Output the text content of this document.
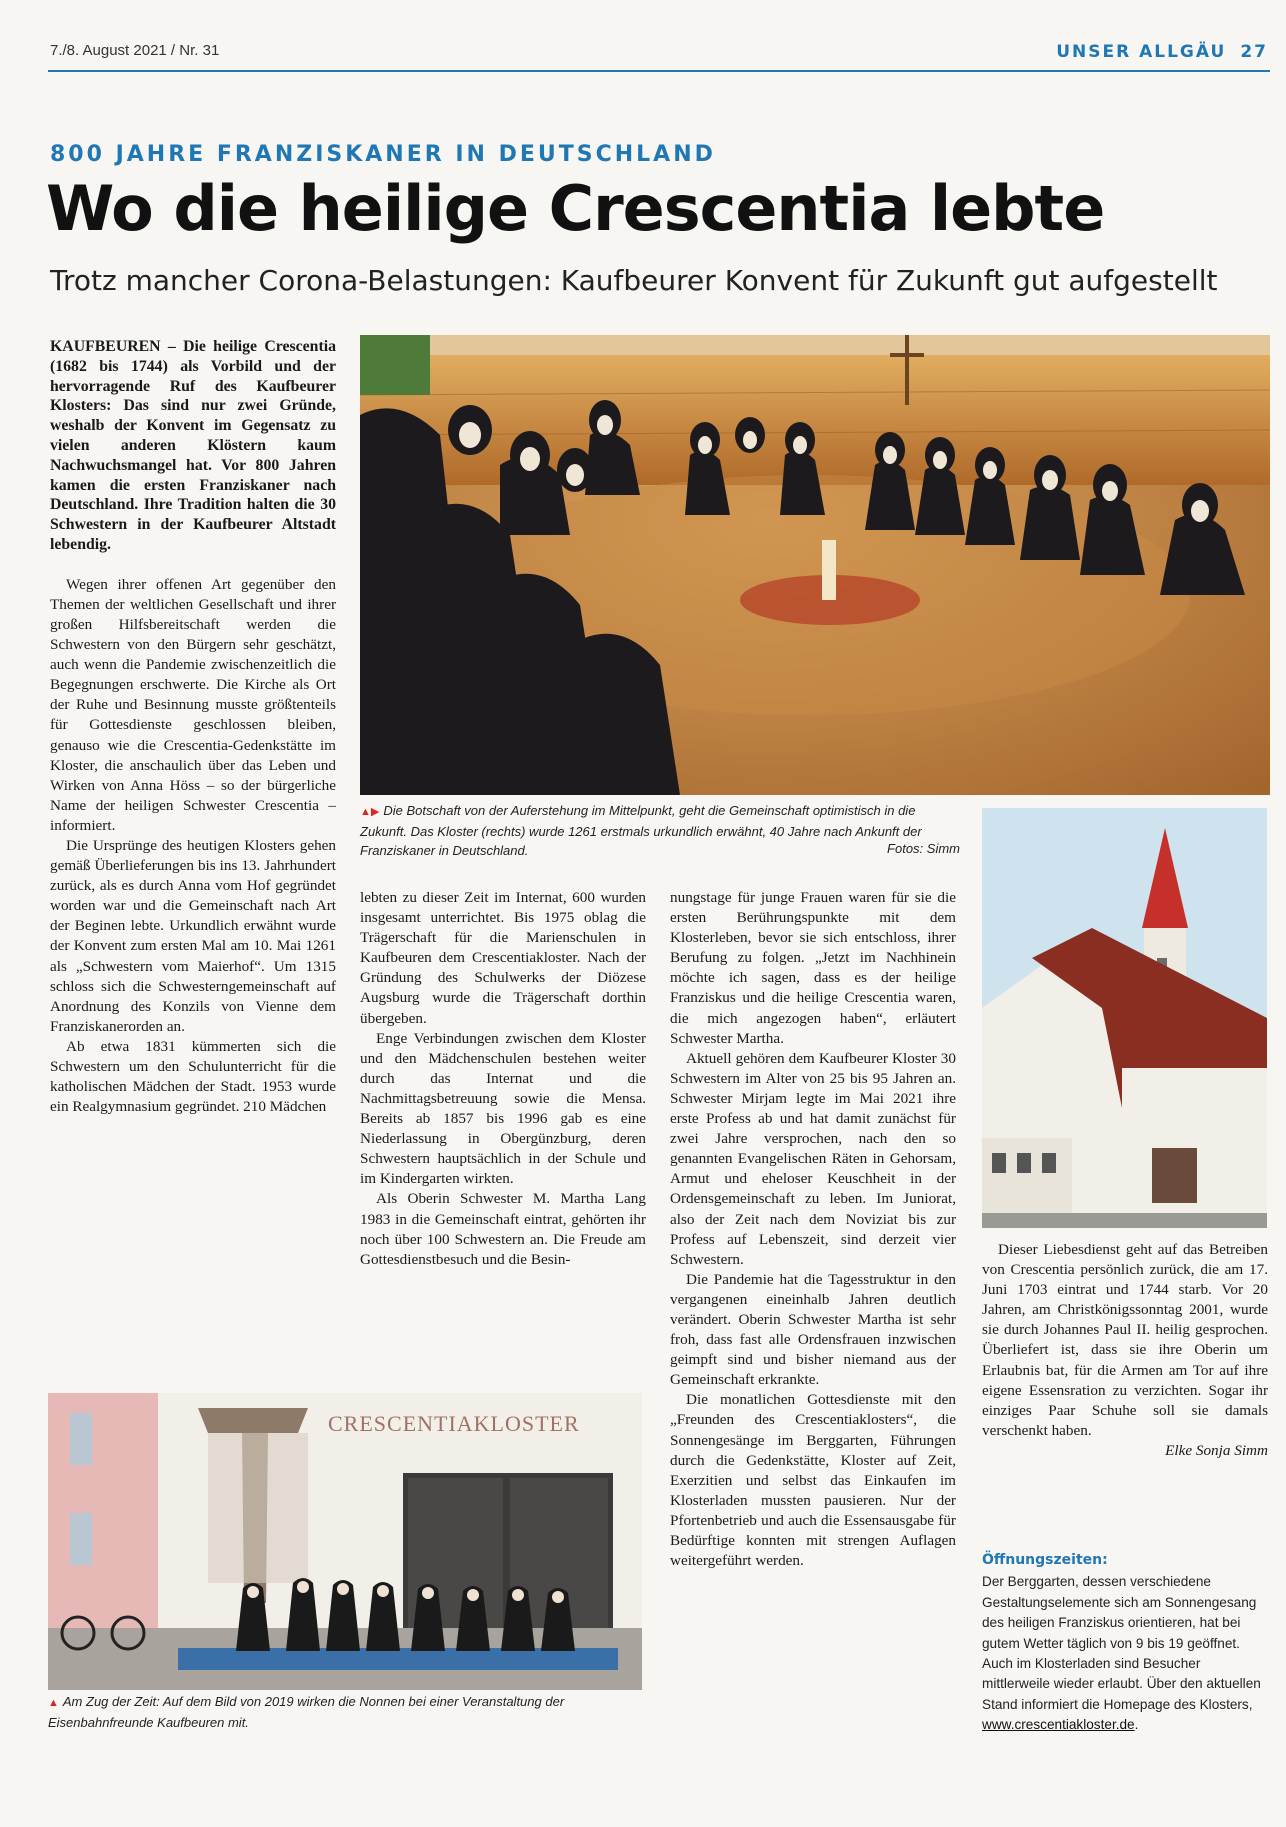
7./8. August 2021 / Nr. 31	UNSER ALLGÄU 27
800 JAHRE FRANZISKANER IN DEUTSCHLAND
Wo die heilige Crescentia lebte
Trotz mancher Corona-Belastungen: Kaufbeurer Konvent für Zukunft gut aufgestellt

KAUFBEUREN – Die heilige Crescentia (1682 bis 1744) als Vorbild und der hervorragende Ruf des Kaufbeurer Klosters: Das sind nur zwei Gründe, weshalb der Konvent im Gegensatz zu vielen anderen Klöstern kaum Nachwuchsmangel hat. Vor 800 Jahren kamen die ersten Franziskaner nach Deutschland. Ihre Tradition halten die 30 Schwestern in der Kaufbeurer Altstadt lebendig.

Wegen ihrer offenen Art gegenüber den Themen der weltlichen Gesellschaft und ihrer großen Hilfsbereitschaft werden die Schwestern von den Bürgern sehr geschätzt, auch wenn die Pandemie zwischenzeitlich die Begegnungen erschwerte. Die Kirche als Ort der Ruhe und Besinnung musste größtenteils für Gottesdienste geschlossen bleiben, genauso wie die Crescentia-Gedenkstätte im Kloster, die anschaulich über das Leben und Wirken von Anna Höss – so der bürgerliche Name der heiligen Schwester Crescentia – informiert.

Die Ursprünge des heutigen Klosters gehen gemäß Überlieferungen bis ins 13. Jahrhundert zurück, als es durch Anna vom Hof gegründet worden war und die Gemeinschaft nach Art der Beginen lebte. Urkundlich erwähnt wurde der Konvent zum ersten Mal am 10. Mai 1261 als „Schwestern vom Maierhof“. Um 1315 schloss sich die Schwesterngemeinschaft auf Anordnung des Konzils von Vienne dem Franziskanerorden an.

Ab etwa 1831 kümmerten sich die Schwestern um den Schulunterricht für die katholischen Mädchen der Stadt. 1953 wurde ein Realgymnasium gegründet. 210 Mädchen

▲▶ Die Botschaft von der Auferstehung im Mittelpunkt, geht die Gemeinschaft optimistisch in die Zukunft. Das Kloster (rechts) wurde 1261 erstmals urkundlich erwähnt, 40 Jahre nach Ankunft der Franziskaner in Deutschland.	Fotos: Simm

lebten zu dieser Zeit im Internat, 600 wurden insgesamt unterrichtet. Bis 1975 oblag die Trägerschaft für die Marienschulen in Kaufbeuren dem Crescentiakloster. Nach der Gründung des Schulwerks der Diözese Augsburg wurde die Trägerschaft dorthin übergeben.

Enge Verbindungen zwischen dem Kloster und den Mädchenschulen bestehen weiter durch das Internat und die Nachmittagsbetreuung sowie die Mensa. Bereits ab 1857 bis 1996 gab es eine Niederlassung in Obergünzburg, deren Schwestern hauptsächlich in der Schule und im Kindergarten wirkten.

Als Oberin Schwester M. Martha Lang 1983 in die Gemeinschaft eintrat, gehörten ihr noch über 100 Schwestern an. Die Freude am Gottesdienstbesuch und die Besin-

nungstage für junge Frauen waren für sie die ersten Berührungspunkte mit dem Klosterleben, bevor sie sich entschloss, ihrer Berufung zu folgen. „Jetzt im Nachhinein möchte ich sagen, dass es der heilige Franziskus und die heilige Crescentia waren, die mich angezogen haben“, erläutert Schwester Martha.

Aktuell gehören dem Kaufbeurer Kloster 30 Schwestern im Alter von 25 bis 95 Jahren an. Schwester Mirjam legte im Mai 2021 ihre erste Profess ab und hat damit zunächst für zwei Jahre versprochen, nach den so genannten Evangelischen Räten in Gehorsam, Armut und eheloser Keuschheit in der Ordensgemeinschaft zu leben. Im Juniorat, also der Zeit nach dem Noviziat bis zur Profess auf Lebenszeit, sind derzeit vier Schwestern.

Die Pandemie hat die Tagesstruktur in den vergangenen eineinhalb Jahren deutlich verändert. Oberin Schwester Martha ist sehr froh, dass fast alle Ordensfrauen inzwischen geimpft sind und bisher niemand aus der Gemeinschaft erkrankte.

Die monatlichen Gottesdienste mit den „Freunden des Crescentiaklosters“, die Sonnengesänge im Berggarten, Führungen durch die Gedenkstätte, Kloster auf Zeit, Exerzitien und selbst das Einkaufen im Klosterladen mussten pausieren. Nur der Pfortenbetrieb und auch die Essensausgabe für Bedürftige konnten mit strengen Auflagen weitergeführt werden.

Dieser Liebesdienst geht auf das Betreiben von Crescentia persönlich zurück, die am 17. Juni 1703 eintrat und 1744 starb. Vor 20 Jahren, am Christkönigssonntag 2001, wurde sie durch Johannes Paul II. heilig gesprochen. Überliefert ist, dass sie ihre Oberin um Erlaubnis bat, für die Armen am Tor auf ihre eigene Essensration zu verzichten. Sogar ihr einziges Paar Schuhe soll sie damals verschenkt haben.

Elke Sonja Simm

Öffnungszeiten:
Der Berggarten, dessen verschiedene Gestaltungselemente sich am Sonnengesang des heiligen Franziskus orientieren, hat bei gutem Wetter täglich von 9 bis 19 geöffnet. Auch im Klosterladen sind Besucher mittlerweile wieder erlaubt. Über den aktuellen Stand informiert die Homepage des Klosters, www.crescentiakloster.de.
CRESCENTIAKLOSTER
▲ Am Zug der Zeit: Auf dem Bild von 2019 wirken die Nonnen bei einer Veranstaltung der Eisenbahnfreunde Kaufbeuren mit.
